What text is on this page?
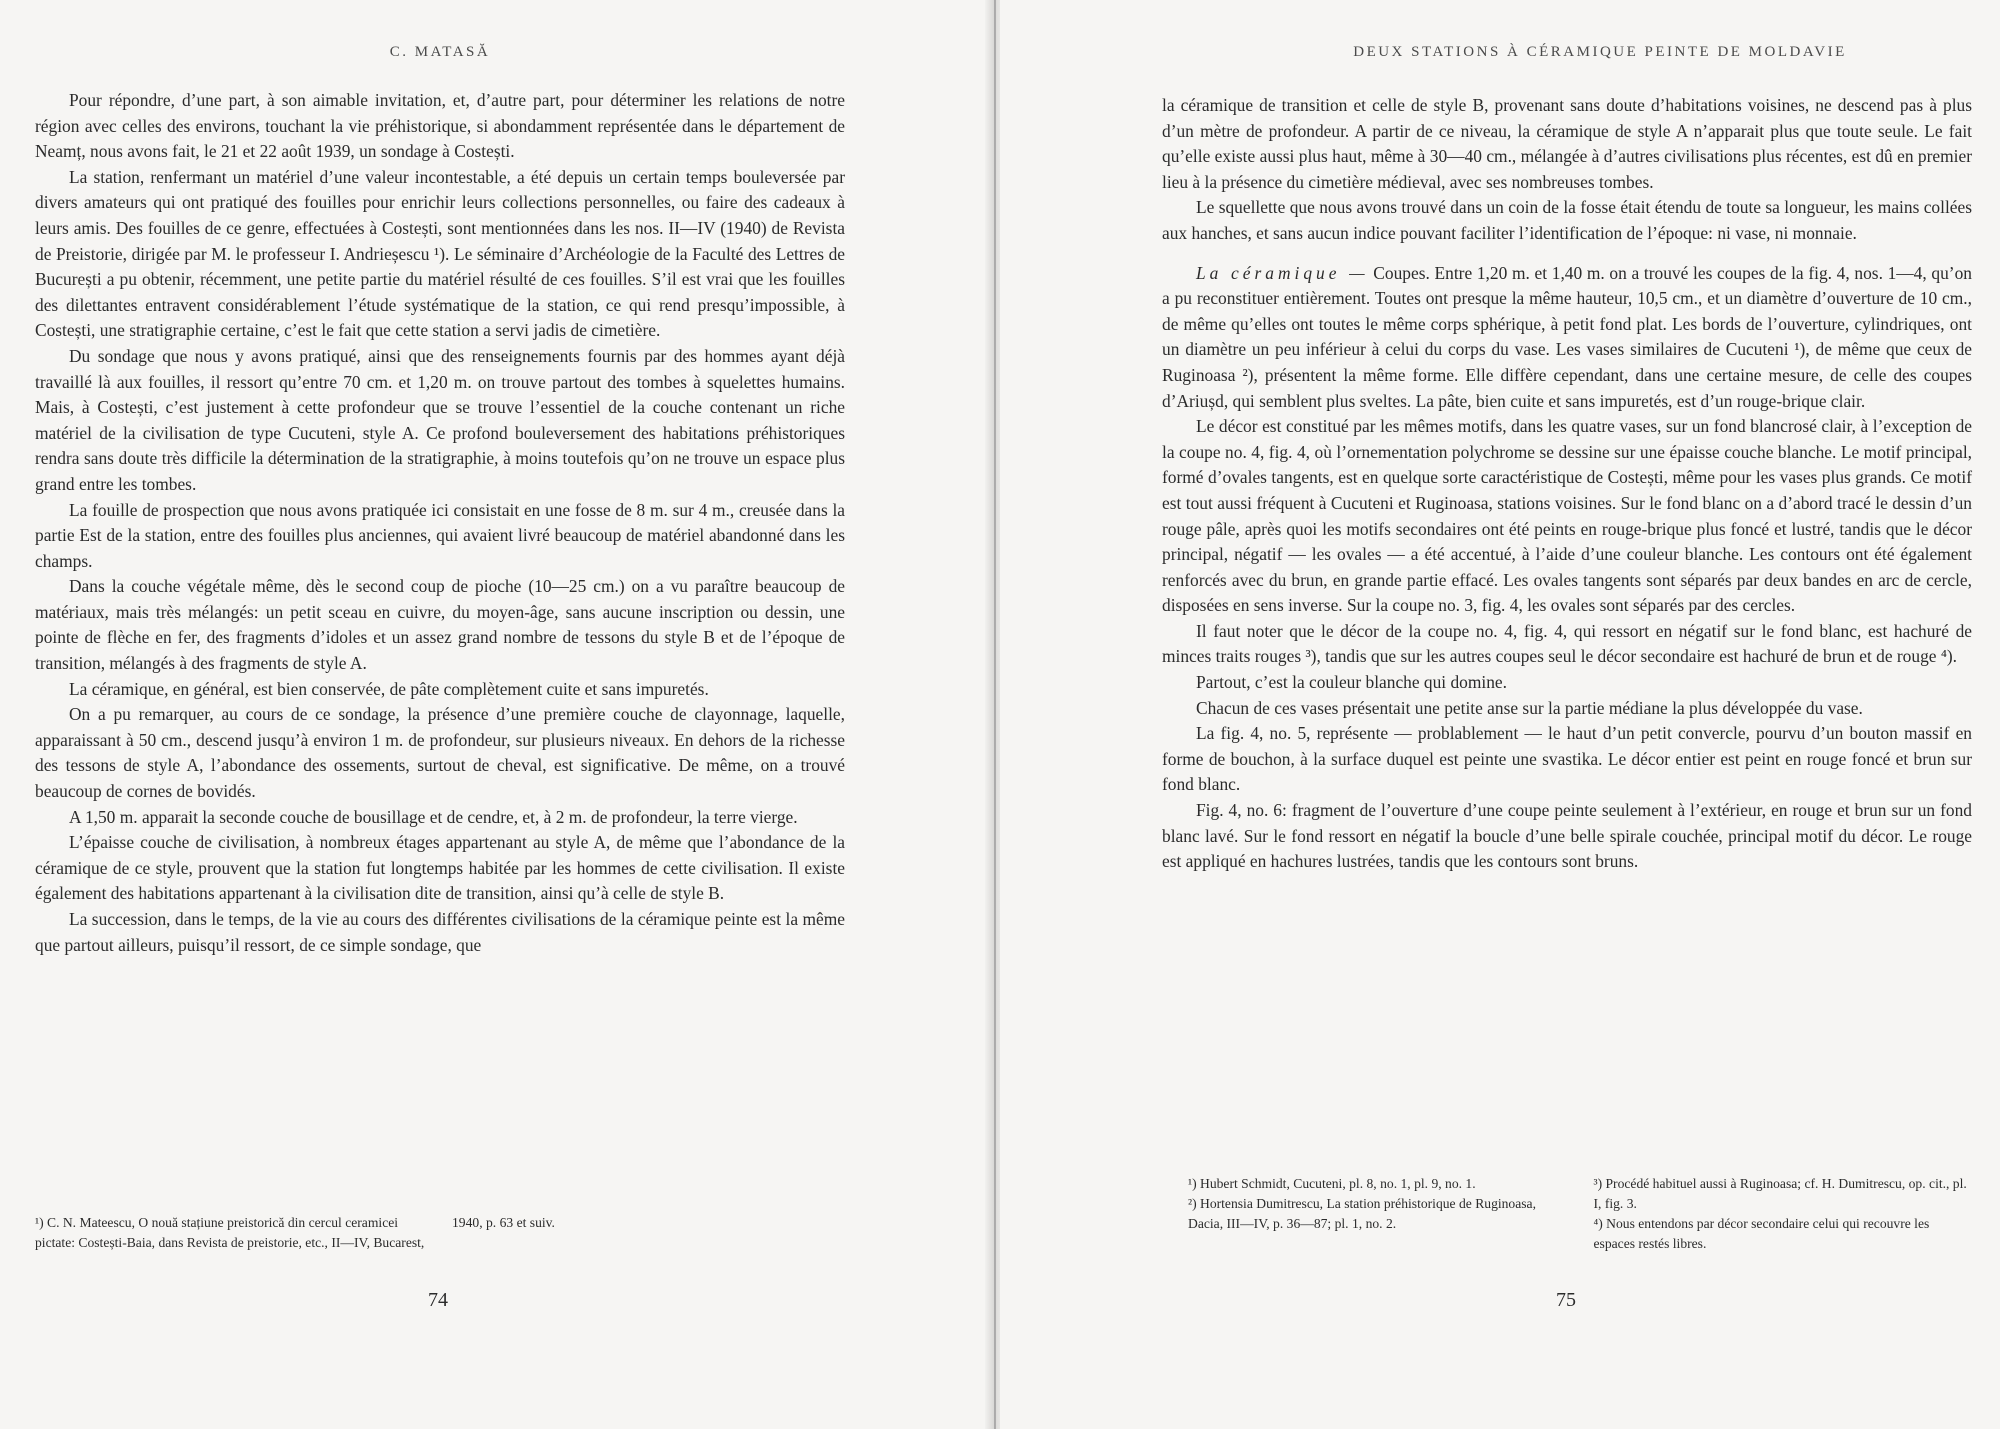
C. MATASĂ

Pour répondre, d’une part, à son aimable invitation, et, d’autre part, pour déterminer les relations de notre région avec celles des environs, touchant la vie préhistorique, si abondamment représentée dans le département de Neamț, nous avons fait, le 21 et 22 août 1939, un sondage à Costești.

La station, renfermant un matériel d’une valeur incontestable, a été depuis un certain temps bouleversée par divers amateurs qui ont pratiqué des fouilles pour enrichir leurs collections personnelles, ou faire des cadeaux à leurs amis. Des fouilles de ce genre, effectuées à Costești, sont mentionnées dans les nos. II—IV (1940) de Revista de Preistorie, dirigée par M. le professeur I. Andrieșescu ¹). Le séminaire d’Archéologie de la Faculté des Lettres de București a pu obtenir, récemment, une petite partie du matériel résulté de ces fouilles. S’il est vrai que les fouilles des dilettantes entravent considérablement l’étude systématique de la station, ce qui rend presqu’impossible, à Costești, une stratigraphie certaine, c’est le fait que cette station a servi jadis de cimetière.

Du sondage que nous y avons pratiqué, ainsi que des renseignements fournis par des hommes ayant déjà travaillé là aux fouilles, il ressort qu’entre 70 cm. et 1,20 m. on trouve partout des tombes à squelettes humains. Mais, à Costești, c’est justement à cette profondeur que se trouve l’essentiel de la couche contenant un riche matériel de la civilisation de type Cucuteni, style A. Ce profond bouleversement des habitations préhistoriques rendra sans doute très difficile la détermination de la stratigraphie, à moins toutefois qu’on ne trouve un espace plus grand entre les tombes.

La fouille de prospection que nous avons pratiquée ici consistait en une fosse de 8 m. sur 4 m., creusée dans la partie Est de la station, entre des fouilles plus anciennes, qui avaient livré beaucoup de matériel abandonné dans les champs.

Dans la couche végétale même, dès le second coup de pioche (10—25 cm.) on a vu paraître beaucoup de matériaux, mais très mélangés: un petit sceau en cuivre, du moyen-âge, sans aucune inscription ou dessin, une pointe de flèche en fer, des fragments d’idoles et un assez grand nombre de tessons du style B et de l’époque de transition, mélangés à des fragments de style A.

La céramique, en général, est bien conservée, de pâte complètement cuite et sans impuretés.

On a pu remarquer, au cours de ce sondage, la présence d’une première couche de clayonnage, laquelle, apparaissant à 50 cm., descend jusqu’à environ 1 m. de profondeur, sur plusieurs niveaux. En dehors de la richesse des tessons de style A, l’abondance des ossements, surtout de cheval, est significative. De même, on a trouvé beaucoup de cornes de bovidés.

A 1,50 m. apparait la seconde couche de bousillage et de cendre, et, à 2 m. de profondeur, la terre vierge.

L’épaisse couche de civilisation, à nombreux étages appartenant au style A, de même que l’abondance de la céramique de ce style, prouvent que la station fut longtemps habitée par les hommes de cette civilisation. Il existe également des habitations appartenant à la civilisation dite de transition, ainsi qu’à celle de style B.

La succession, dans le temps, de la vie au cours des différentes civilisations de la céramique peinte est la même que partout ailleurs, puisqu’il ressort, de ce simple sondage, que

¹) C. N. Mateescu, O nouă stațiune preistorică din cercul ceramicei pictate: Costești-Baia, dans Revista de preistorie, etc., II—IV, Bucarest, 1940, p. 63 et suiv.

74

DEUX STATIONS À CÉRAMIQUE PEINTE DE MOLDAVIE

la céramique de transition et celle de style B, provenant sans doute d’habitations voisines, ne descend pas à plus d’un mètre de profondeur. A partir de ce niveau, la céramique de style A n’apparait plus que toute seule. Le fait qu’elle existe aussi plus haut, même à 30—40 cm., mélangée à d’autres civilisations plus récentes, est dû en premier lieu à la présence du cimetière médieval, avec ses nombreuses tombes.

Le squellette que nous avons trouvé dans un coin de la fosse était étendu de toute sa longueur, les mains collées aux hanches, et sans aucun indice pouvant faciliter l’identification de l’époque: ni vase, ni monnaie.

La céramique — Coupes. Entre 1,20 m. et 1,40 m. on a trouvé les coupes de la fig. 4, nos. 1—4, qu’on a pu reconstituer entièrement. Toutes ont presque la même hauteur, 10,5 cm., et un diamètre d’ouverture de 10 cm., de même qu’elles ont toutes le même corps sphérique, à petit fond plat. Les bords de l’ouverture, cylindriques, ont un diamètre un peu inférieur à celui du corps du vase. Les vases similaires de Cucuteni ¹), de même que ceux de Ruginoasa ²), présentent la même forme. Elle diffère cependant, dans une certaine mesure, de celle des coupes d’Ariușd, qui semblent plus sveltes. La pâte, bien cuite et sans impuretés, est d’un rouge-brique clair.

Le décor est constitué par les mêmes motifs, dans les quatre vases, sur un fond blancrosé clair, à l’exception de la coupe no. 4, fig. 4, où l’ornementation polychrome se dessine sur une épaisse couche blanche. Le motif principal, formé d’ovales tangents, est en quelque sorte caractéristique de Costești, même pour les vases plus grands. Ce motif est tout aussi fréquent à Cucuteni et Ruginoasa, stations voisines. Sur le fond blanc on a d’abord tracé le dessin d’un rouge pâle, après quoi les motifs secondaires ont été peints en rouge-brique plus foncé et lustré, tandis que le décor principal, négatif — les ovales — a été accentué, à l’aide d’une couleur blanche. Les contours ont été également renforcés avec du brun, en grande partie effacé. Les ovales tangents sont séparés par deux bandes en arc de cercle, disposées en sens inverse. Sur la coupe no. 3, fig. 4, les ovales sont séparés par des cercles.

Il faut noter que le décor de la coupe no. 4, fig. 4, qui ressort en négatif sur le fond blanc, est hachuré de minces traits rouges ³), tandis que sur les autres coupes seul le décor secondaire est hachuré de brun et de rouge ⁴).

Partout, c’est la couleur blanche qui domine.

Chacun de ces vases présentait une petite anse sur la partie médiane la plus développée du vase.

La fig. 4, no. 5, représente — problablement — le haut d’un petit convercle, pourvu d’un bouton massif en forme de bouchon, à la surface duquel est peinte une svastika. Le décor entier est peint en rouge foncé et brun sur fond blanc.

Fig. 4, no. 6: fragment de l’ouverture d’une coupe peinte seulement à l’extérieur, en rouge et brun sur un fond blanc lavé. Sur le fond ressort en négatif la boucle d’une belle spirale couchée, principal motif du décor. Le rouge est appliqué en hachures lustrées, tandis que les contours sont bruns.

¹) Hubert Schmidt, Cucuteni, pl. 8, no. 1, pl. 9, no. 1.

²) Hortensia Dumitrescu, La station préhistorique de Ruginoasa, Dacia, III—IV, p. 36—87; pl. 1, no. 2.

³) Procédé habituel aussi à Ruginoasa; cf. H. Dumitrescu, op. cit., pl. I, fig. 3.

⁴) Nous entendons par décor secondaire celui qui recouvre les espaces restés libres.

75
